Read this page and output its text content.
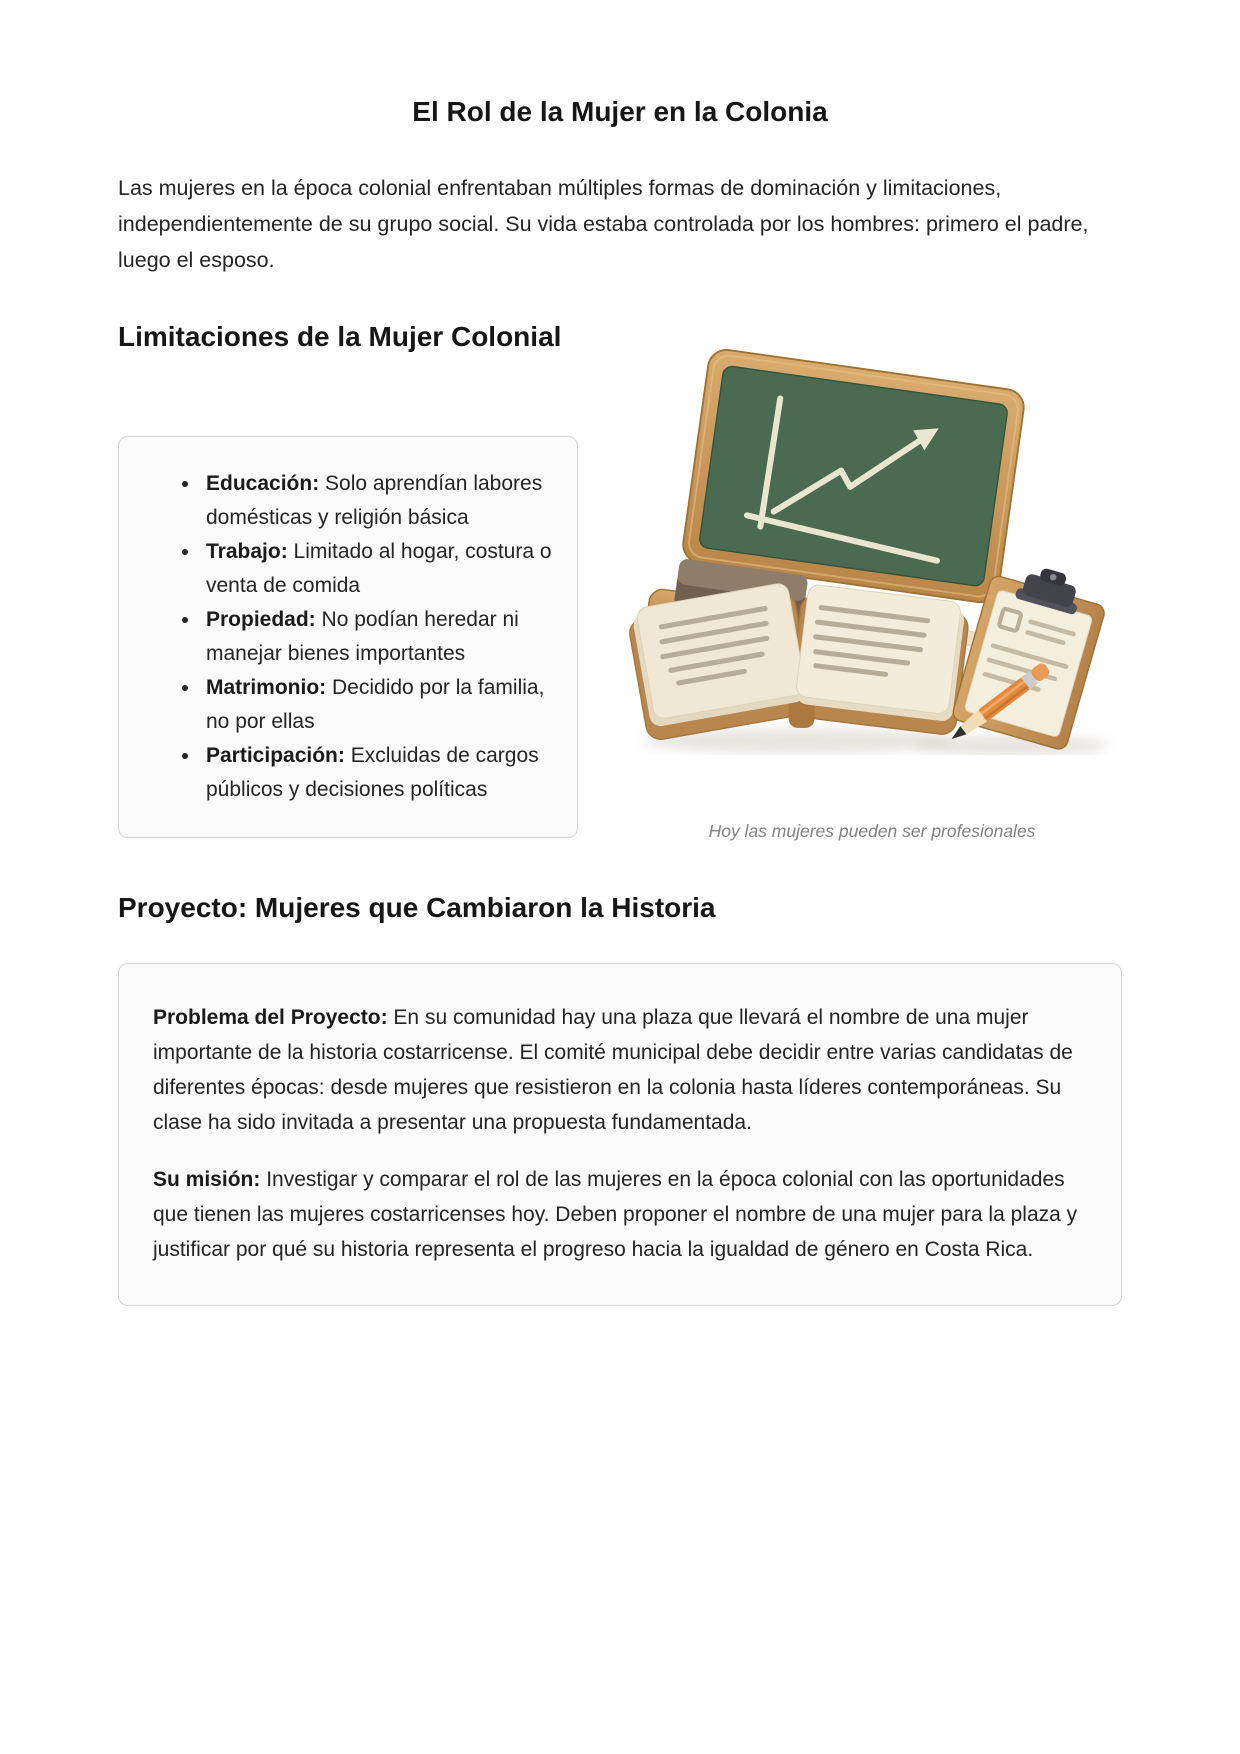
El Rol de la Mujer en la Colonia

Las mujeres en la época colonial enfrentaban múltiples formas de dominación y limitaciones, independientemente de su grupo social. Su vida estaba controlada por los hombres: primero el padre, luego el esposo.

Limitaciones de la Mujer Colonial
• Educación: Solo aprendían labores domésticas y religión básica
• Trabajo: Limitado al hogar, costura o venta de comida
• Propiedad: No podían heredar ni manejar bienes importantes
• Matrimonio: Decidido por la familia, no por ellas
• Participación: Excluidas de cargos públicos y decisiones políticas
Hoy las mujeres pueden ser profesionales
Proyecto: Mujeres que Cambiaron la Historia

Problema del Proyecto: En su comunidad hay una plaza que llevará el nombre de una mujer importante de la historia costarricense. El comité municipal debe decidir entre varias candidatas de diferentes épocas: desde mujeres que resistieron en la colonia hasta líderes contemporáneas. Su clase ha sido invitada a presentar una propuesta fundamentada.

Su misión: Investigar y comparar el rol de las mujeres en la época colonial con las oportunidades que tienen las mujeres costarricenses hoy. Deben proponer el nombre de una mujer para la plaza y justificar por qué su historia representa el progreso hacia la igualdad de género en Costa Rica.
